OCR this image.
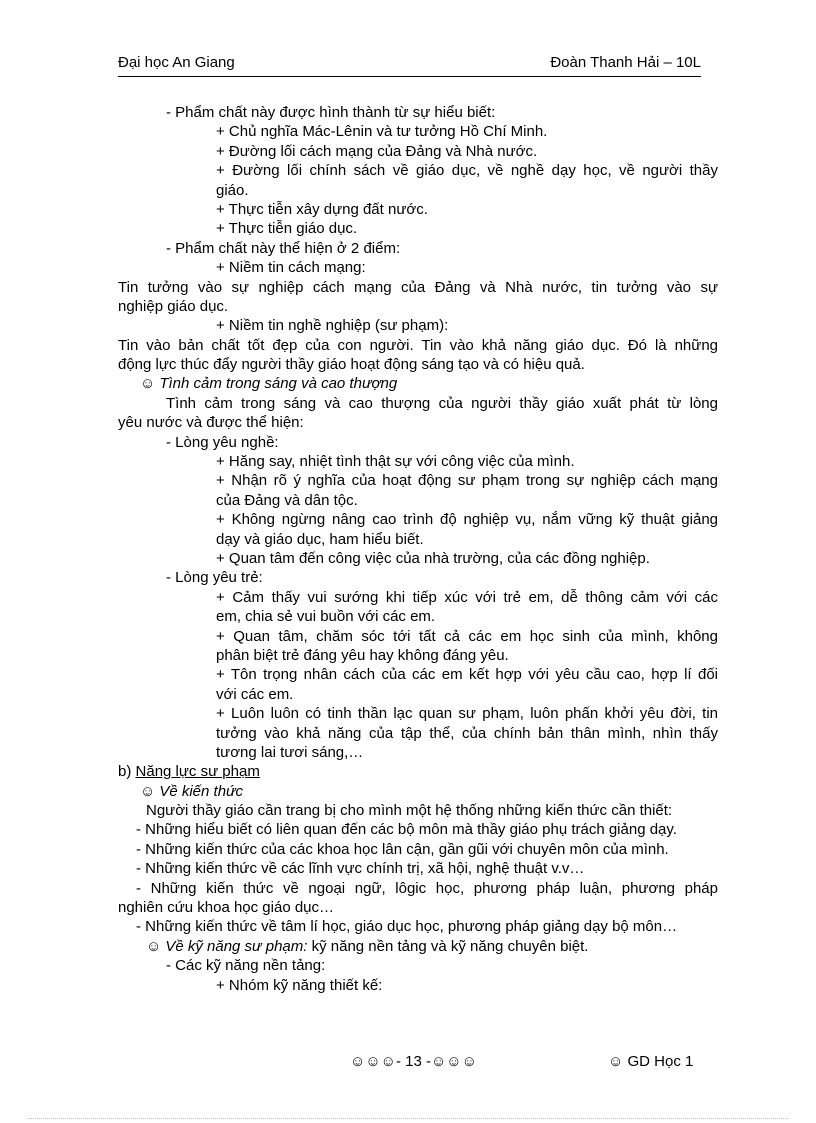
Đại học An Giang	Đoàn Thanh Hải – 10L
- Phẩm chất này được hình thành từ sự hiểu biết:
+ Chủ nghĩa Mác-Lênin và tư tưởng Hồ Chí Minh.
+ Đường lối cách mạng của Đảng và Nhà nước.
+ Đường lối chính sách về giáo dục, về nghề dạy học, về người thầy
giáo.
+ Thực tiễn xây dựng đất nước.
+ Thực tiễn giáo dục.
- Phẩm chất này thể hiện ở 2 điểm:
+ Niềm tin cách mạng:
Tin tưởng vào sự nghiệp cách mạng của Đảng và Nhà nước, tin tưởng vào sự
nghiệp giáo dục.
+ Niềm tin nghề nghiệp (sư phạm):
Tin vào bản chất tốt đẹp của con người. Tin vào khả năng giáo dục. Đó là những
động lực thúc đẩy người thầy giáo hoạt động sáng tạo và có hiệu quả.
☺ Tình cảm trong sáng và cao thượng
Tình cảm trong sáng và cao thượng của người thầy giáo xuất phát từ lòng
yêu nước và được thể hiện:
- Lòng yêu nghề:
+ Hăng say, nhiệt tình thật sự với công việc của mình.
+ Nhận rõ ý nghĩa của hoạt động sư phạm trong sự nghiệp cách mạng
của Đảng và dân tộc.
+ Không ngừng nâng cao trình độ nghiệp vụ, nắm vững kỹ thuật giảng
dạy và giáo dục, ham hiểu biết.
+ Quan tâm đến công việc của nhà trường, của các đồng nghiệp.
- Lòng yêu trẻ:
+ Cảm thấy vui sướng khi tiếp xúc với trẻ em, dễ thông cảm với các
em, chia sẻ vui buồn với các em.
+ Quan tâm, chăm sóc tới tất cả các em học sinh của mình, không
phân biệt trẻ đáng yêu hay không đáng yêu.
+ Tôn trọng nhân cách của các em kết hợp với yêu cầu cao, hợp lí đối
với các em.
+ Luôn luôn có tinh thần lạc quan sư phạm, luôn phấn khởi yêu đời, tin
tưởng vào khả năng của tập thể, của chính bản thân mình, nhìn thấy
tương lai tươi sáng,…
b) Năng lực sư phạm
☺ Về kiến thức
Người thầy giáo cần trang bị cho mình một hệ thống những kiến thức cần thiết:
- Những hiểu biết có liên quan đến các bộ môn mà thầy giáo phụ trách giảng dạy.
- Những kiến thức của các khoa học lân cận, gần gũi với chuyên môn của mình.
- Những kiến thức về các lĩnh vực chính trị, xã hội, nghệ thuật v.v…
- Những kiến thức về ngoại ngữ, lôgic học, phương pháp luận, phương pháp
nghiên cứu khoa học giáo dục…
- Những kiến thức về tâm lí học, giáo dục học, phương pháp giảng dạy bộ môn…
☺ Về kỹ năng sư phạm: kỹ năng nền tảng và kỹ năng chuyên biệt.
- Các kỹ năng nền tảng:
+ Nhóm kỹ năng thiết kế:
☺☺☺- 13 -☺☺☺	☺ GD Học 1
